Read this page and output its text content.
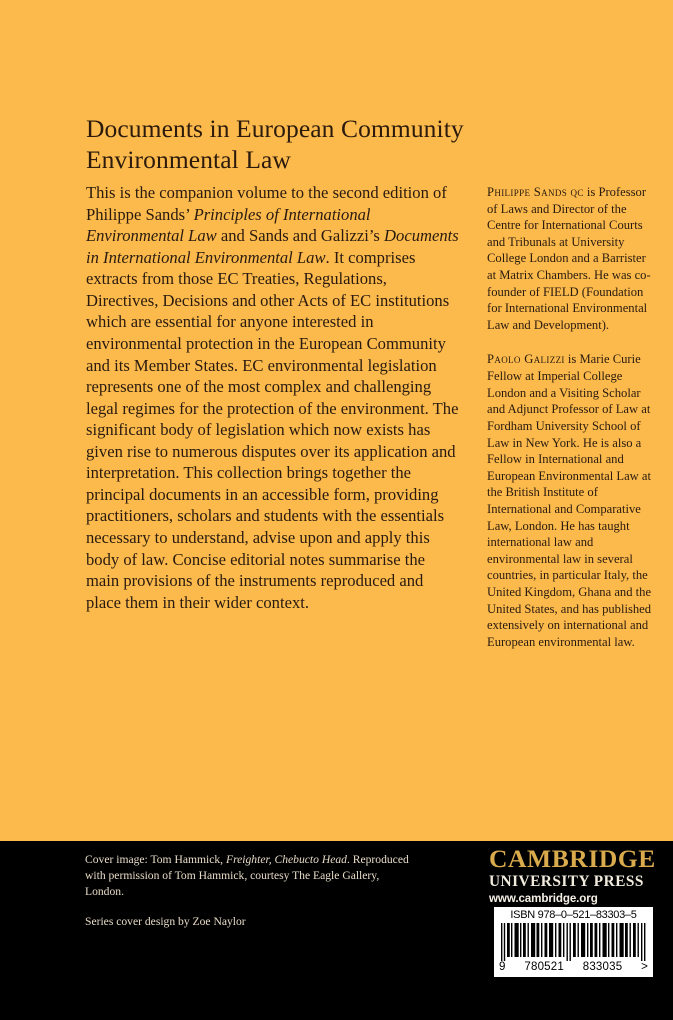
Documents in European Community
Environmental Law

This is the companion volume to the second edition of Philippe Sands’ Principles of International Environmental Law and Sands and Galizzi’s Documents in International Environmental Law. It comprises extracts from those EC Treaties, Regulations, Directives, Decisions and other Acts of EC institutions which are essential for anyone interested in environmental protection in the European Community and its Member States. EC environmental legislation represents one of the most complex and challenging legal regimes for the protection of the environment. The significant body of legislation which now exists has given rise to numerous disputes over its application and interpretation. This collection brings together the principal documents in an accessible form, providing practitioners, scholars and students with the essentials necessary to understand, advise upon and apply this body of law. Concise editorial notes summarise the main provisions of the instruments reproduced and place them in their wider context.

Philippe Sands qc is Professor of Laws and Director of the Centre for International Courts and Tribunals at University College London and a Barrister at Matrix Chambers. He was co-founder of FIELD (Foundation for International Environmental Law and Development).

Paolo Galizzi is Marie Curie Fellow at Imperial College London and a Visiting Scholar and Adjunct Professor of Law at Fordham University School of Law in New York. He is also a Fellow in International and European Environmental Law at the British Institute of International and Comparative Law, London. He has taught international law and environmental law in several countries, in particular Italy, the United Kingdom, Ghana and the United States, and has published extensively on international and European environmental law.

Cover image: Tom Hammick, Freighter, Chebucto Head. Reproduced with permission of Tom Hammick, courtesy The Eagle Gallery, London.

Series cover design by Zoe Naylor

CAMBRIDGE
UNIVERSITY PRESS
www.cambridge.org
ISBN 978–0–521–83303–5
9 780521 833035 >
